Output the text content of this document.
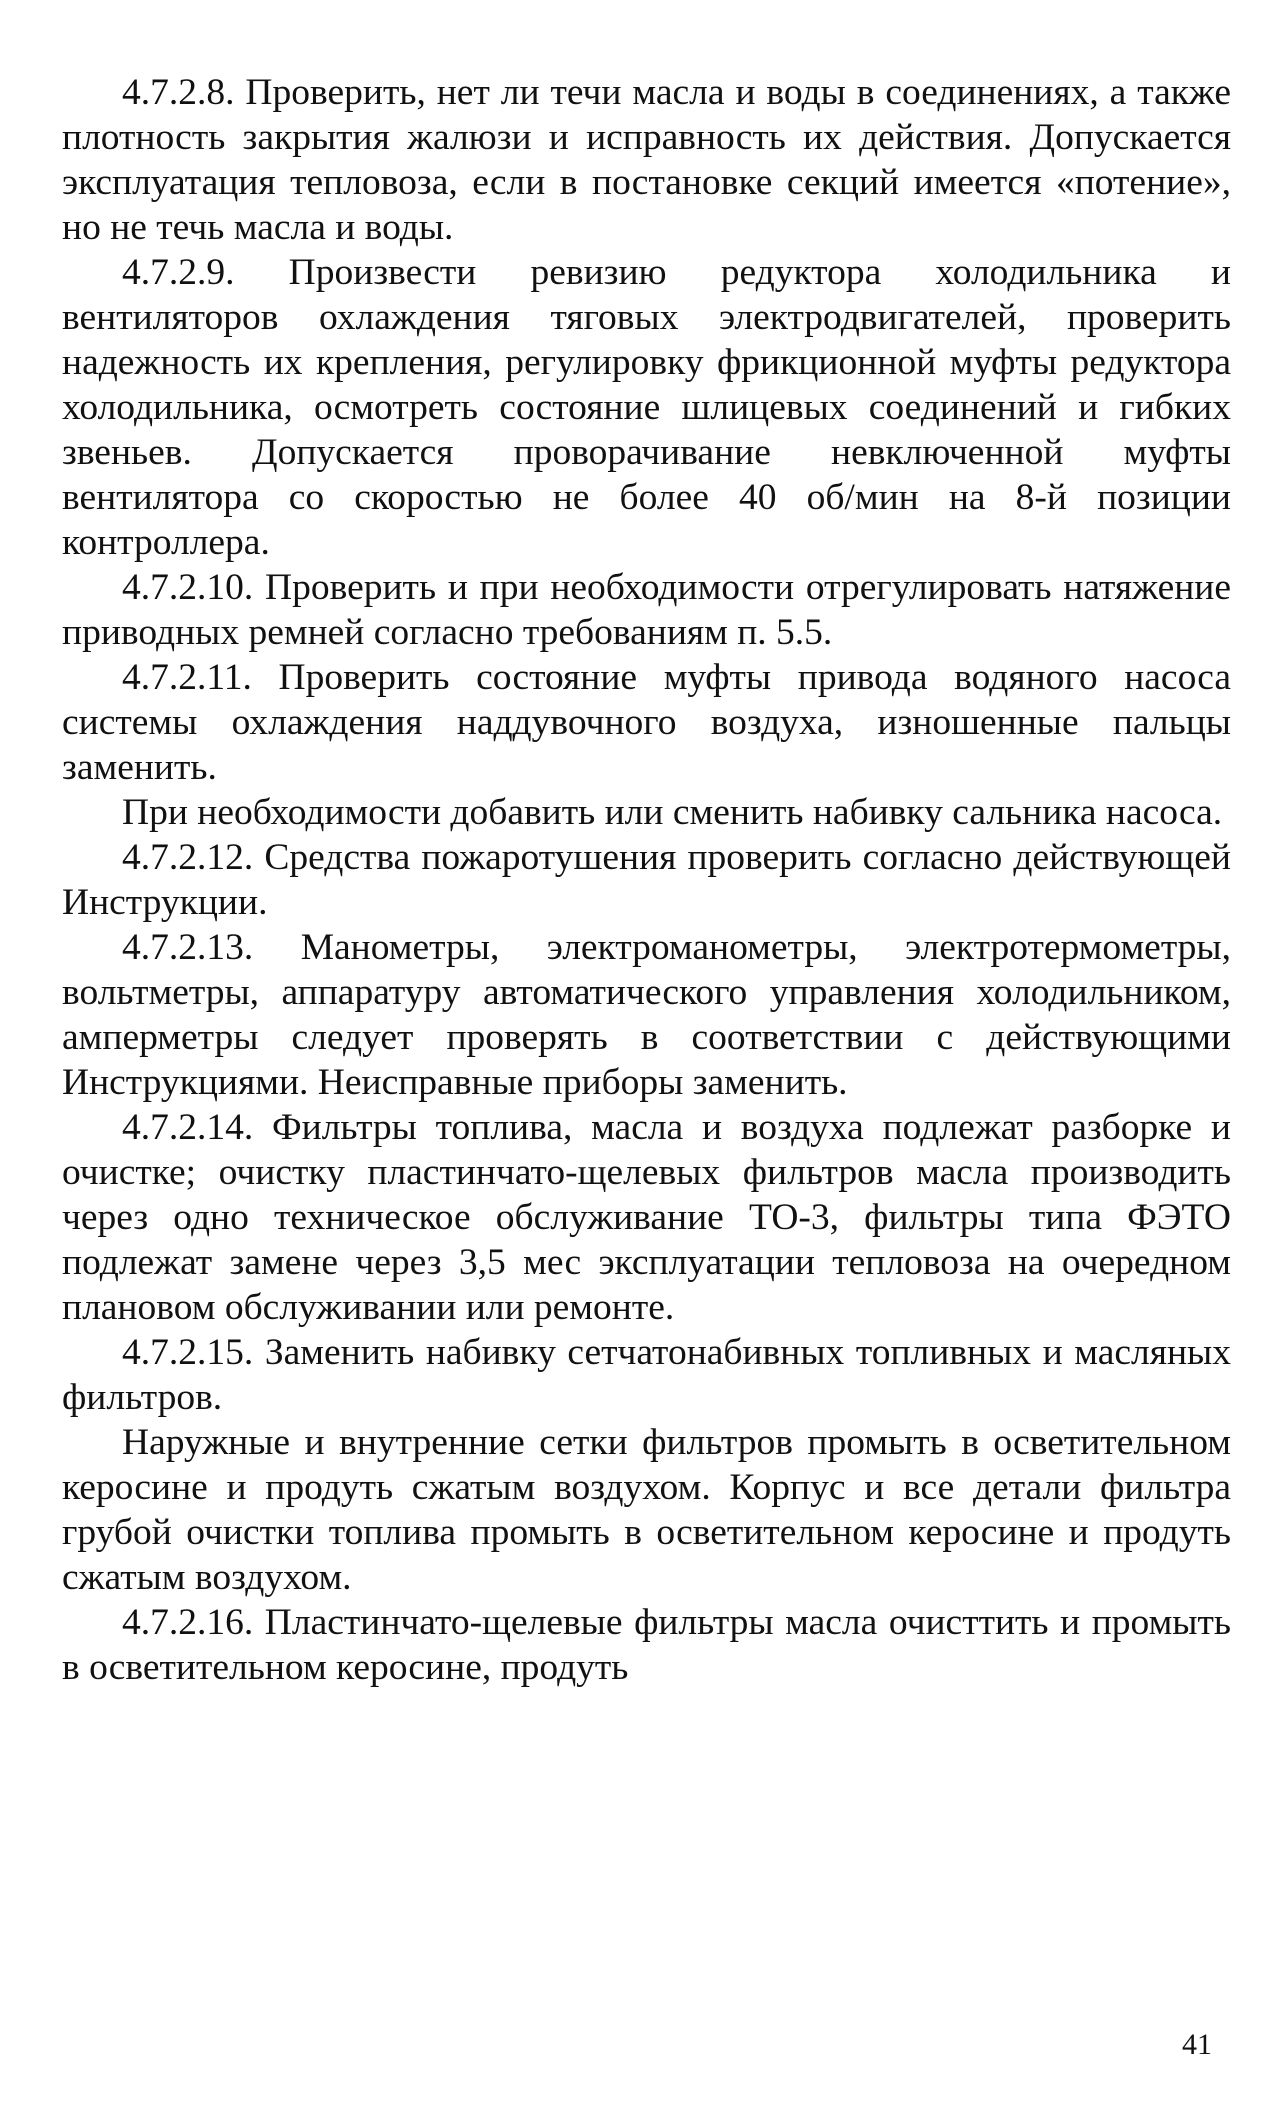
4.7.2.8. Проверить, нет ли течи масла и воды в соединениях, а также плотность закрытия жалюзи и исправность их действия. Допускается эксплуатация тепловоза, если в постановке секций имеется «потение», но не течь масла и воды.

4.7.2.9. Произвести ревизию редуктора холодильника и вентиляторов охлаждения тяговых электродвигателей, проверить надежность их крепления, регулировку фрикционной муфты редуктора холодильника, осмотреть состояние шлицевых соединений и гибких звеньев. Допускается проворачивание невключенной муфты вентилятора со скоростью не более 40 об/мин на 8-й позиции контроллера.

4.7.2.10. Проверить и при необходимости отрегулировать натяжение приводных ремней согласно требованиям п. 5.5.

4.7.2.11. Проверить состояние муфты привода водяного насоса системы охлаждения наддувочного воздуха, изношенные пальцы заменить.

При необходимости добавить или сменить набивку сальника насоса.

4.7.2.12. Средства пожаротушения проверить согласно действующей Инструкции.

4.7.2.13. Манометры, электроманометры, электротермометры, вольтметры, аппаратуру автоматического управления холодильником, амперметры следует проверять в соответствии с действующими Инструкциями. Неисправные приборы заменить.

4.7.2.14. Фильтры топлива, масла и воздуха подлежат разборке и очистке; очистку пластинчато-щелевых фильтров масла производить через одно техническое обслуживание ТО-3, фильтры типа ФЭТО подлежат замене через 3,5 мес эксплуатации тепловоза на очередном плановом обслуживании или ремонте.

4.7.2.15. Заменить набивку сетчатонабивных топливных и масляных фильтров.

Наружные и внутренние сетки фильтров промыть в осветительном керосине и продуть сжатым воздухом. Корпус и все детали фильтра грубой очистки топлива промыть в осветительном керосине и продуть сжатым воздухом.

4.7.2.16. Пластинчато-щелевые фильтры масла очисттить и промыть в осветительном керосине, продуть

41
